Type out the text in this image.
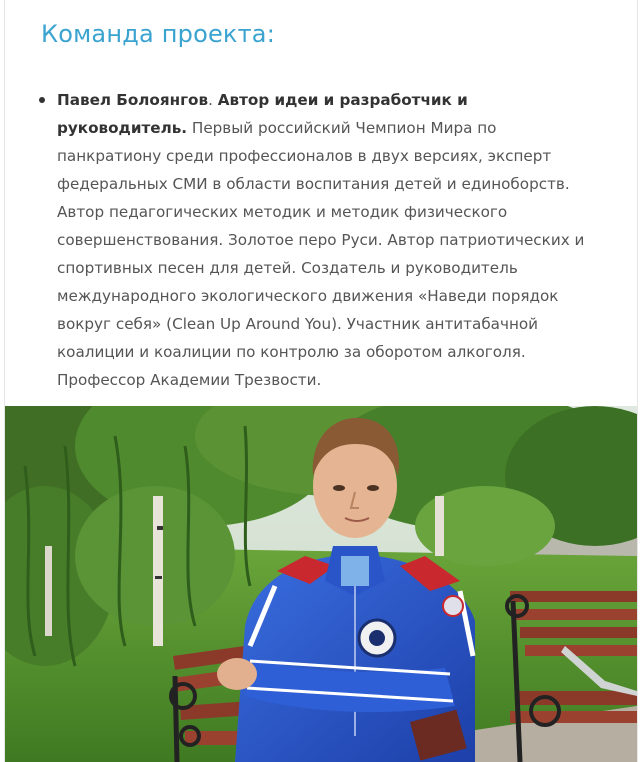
Команда проекта:
Павел Болоянгов. Автор идеи и разработчик и руководитель. Первый российский Чемпион Мира по панкратиону среди профессионалов в двух версиях, эксперт федеральных СМИ в области воспитания детей и единоборств. Автор педагогических методик и методик физического совершенствования. Золотое перо Руси. Автор патриотических и спортивных песен для детей. Создатель и руководитель международного экологического движения «Наведи порядок вокруг себя» (Clean Up Around You). Участник антитабачной коалиции и коалиции по контролю за оборотом алкоголя. Профессор Академии Трезвости.
